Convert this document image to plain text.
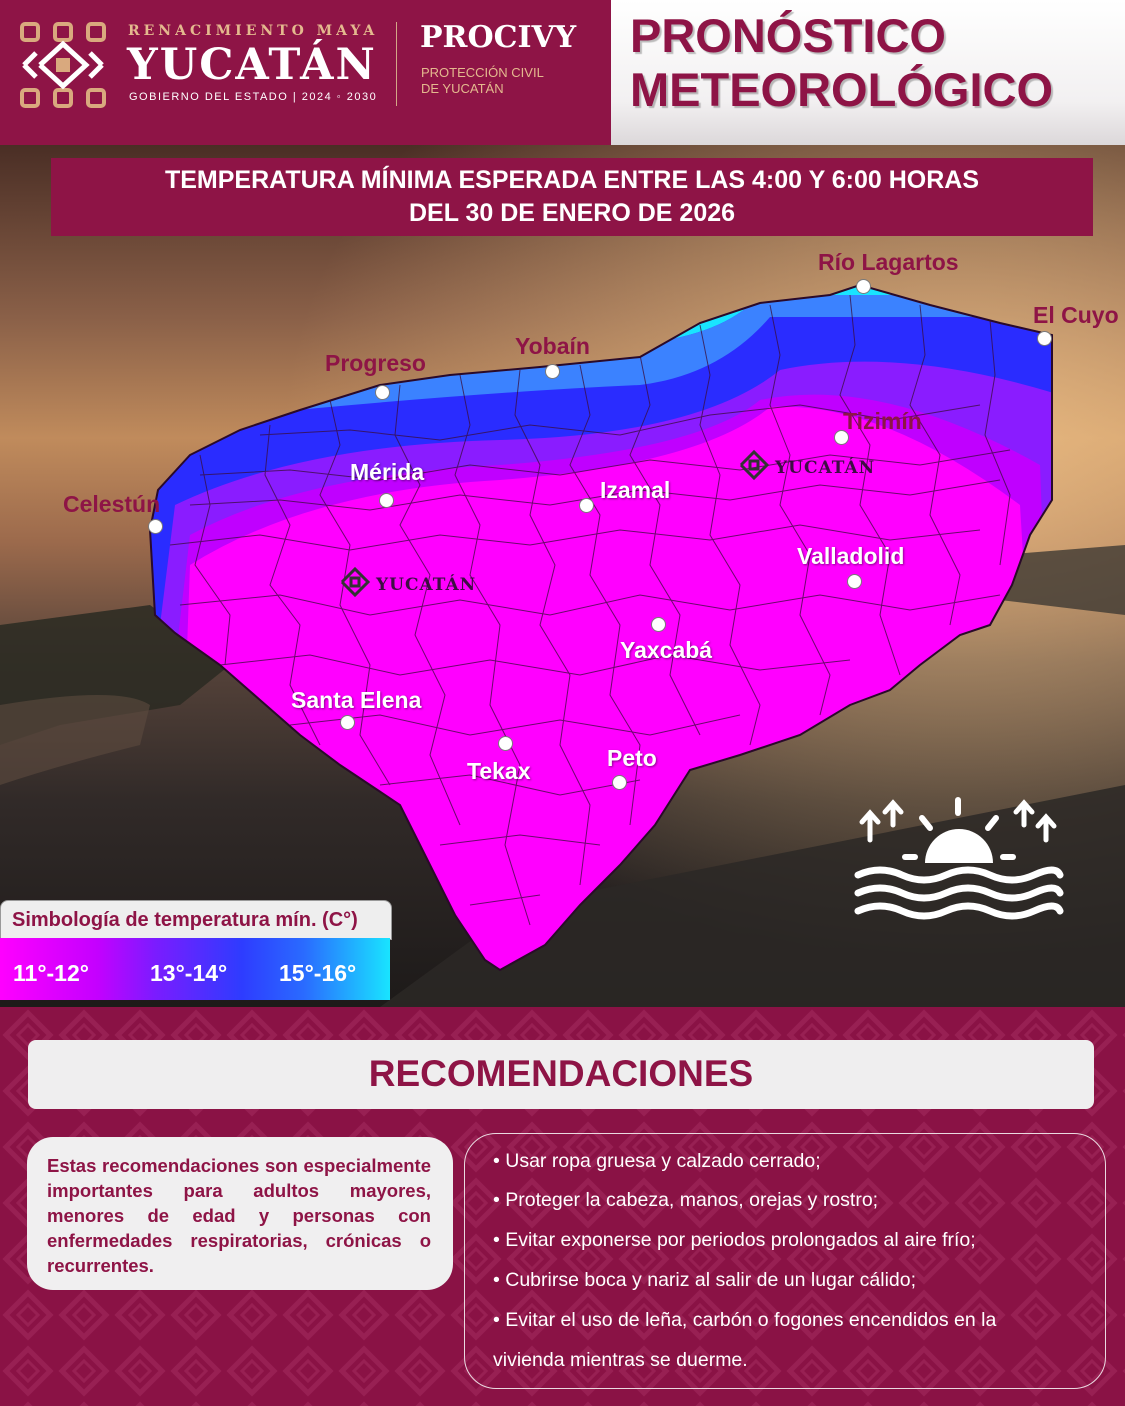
RENACIMIENTO MAYA
YUCATÁN
GOBIERNO DEL ESTADO | 2024 ◦ 2030
PROCIVY
PROTECCIÓN CIVIL
DE YUCATÁN
PRONÓSTICO
METEOROLÓGICO
TEMPERATURA MÍNIMA ESPERADA ENTRE LAS 4:00 Y 6:00 HORAS
DEL 30 DE ENERO DE 2026
YUCATÁN
YUCATÁN
Río Lagartos
El Cuyo
Yobaín
Progreso
Tizimín
Mérida
Izamal
Celestún
Valladolid
Yaxcabá
Santa Elena
Tekax	Peto
Simbología de temperatura mín. (C°)
11°-12°	13°-14° 15°-16°
RECOMENDACIONES
Estas recomendaciones son especialmente importantes para adultos mayores, menores de edad y personas con enfermedades respiratorias, crónicas o recurrentes.
• Usar ropa gruesa y calzado cerrado;
• Proteger la cabeza, manos, orejas y rostro;
• Evitar exponerse por periodos prolongados al aire frío;
• Cubrirse boca y nariz al salir de un lugar cálido;
• Evitar el uso de leña, carbón o fogones encendidos en la
vivienda mientras se duerme.
